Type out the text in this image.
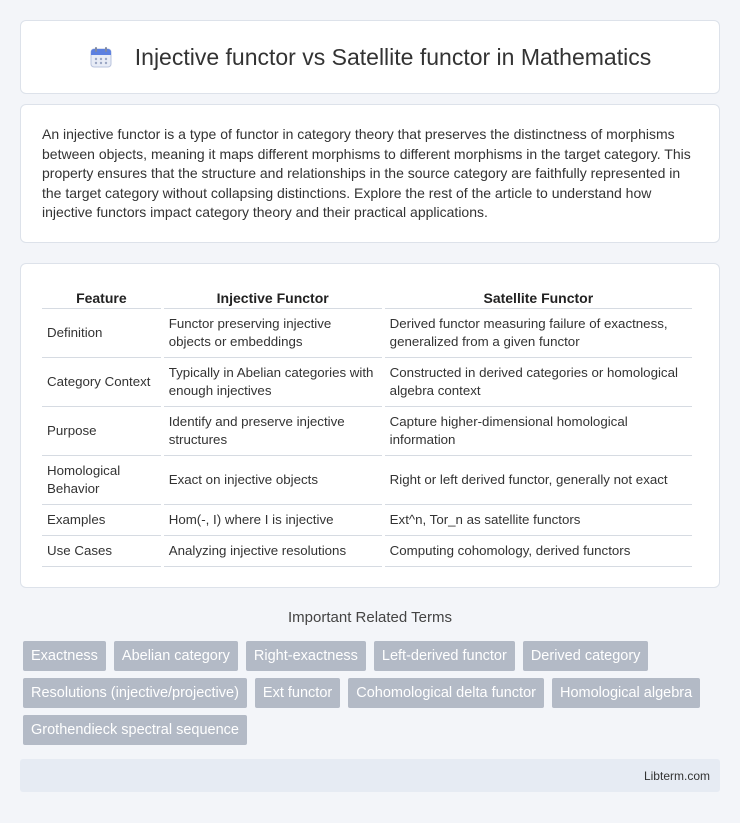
Injective functor vs Satellite functor in Mathematics

An injective functor is a type of functor in category theory that preserves the distinctness of morphisms between objects, meaning it maps different morphisms to different morphisms in the target category. This property ensures that the structure and relationships in the source category are faithfully represented in the target category without collapsing distinctions. Explore the rest of the article to understand how injective functors impact category theory and their practical applications.

Feature	Injective Functor	Satellite Functor
Definition	Functor preserving injective objects or embeddings	Derived functor measuring failure of exactness, generalized from a given functor
Category Context	Typically in Abelian categories with enough injectives	Constructed in derived categories or homological algebra context
Purpose	Identify and preserve injective structures	Capture higher-dimensional homological information
Homological Behavior	Exact on injective objects	Right or left derived functor, generally not exact
Examples	Hom(-, I) where I is injective	Ext^n, Tor_n as satellite functors
Use Cases	Analyzing injective resolutions	Computing cohomology, derived functors
Important Related Terms
Exactness	Abelian category	Right-exactness	Left-derived functor	Derived category
Resolutions (injective/projective)	Ext functor	Cohomological delta functor	Homological algebra
Grothendieck spectral sequence
Libterm.com
